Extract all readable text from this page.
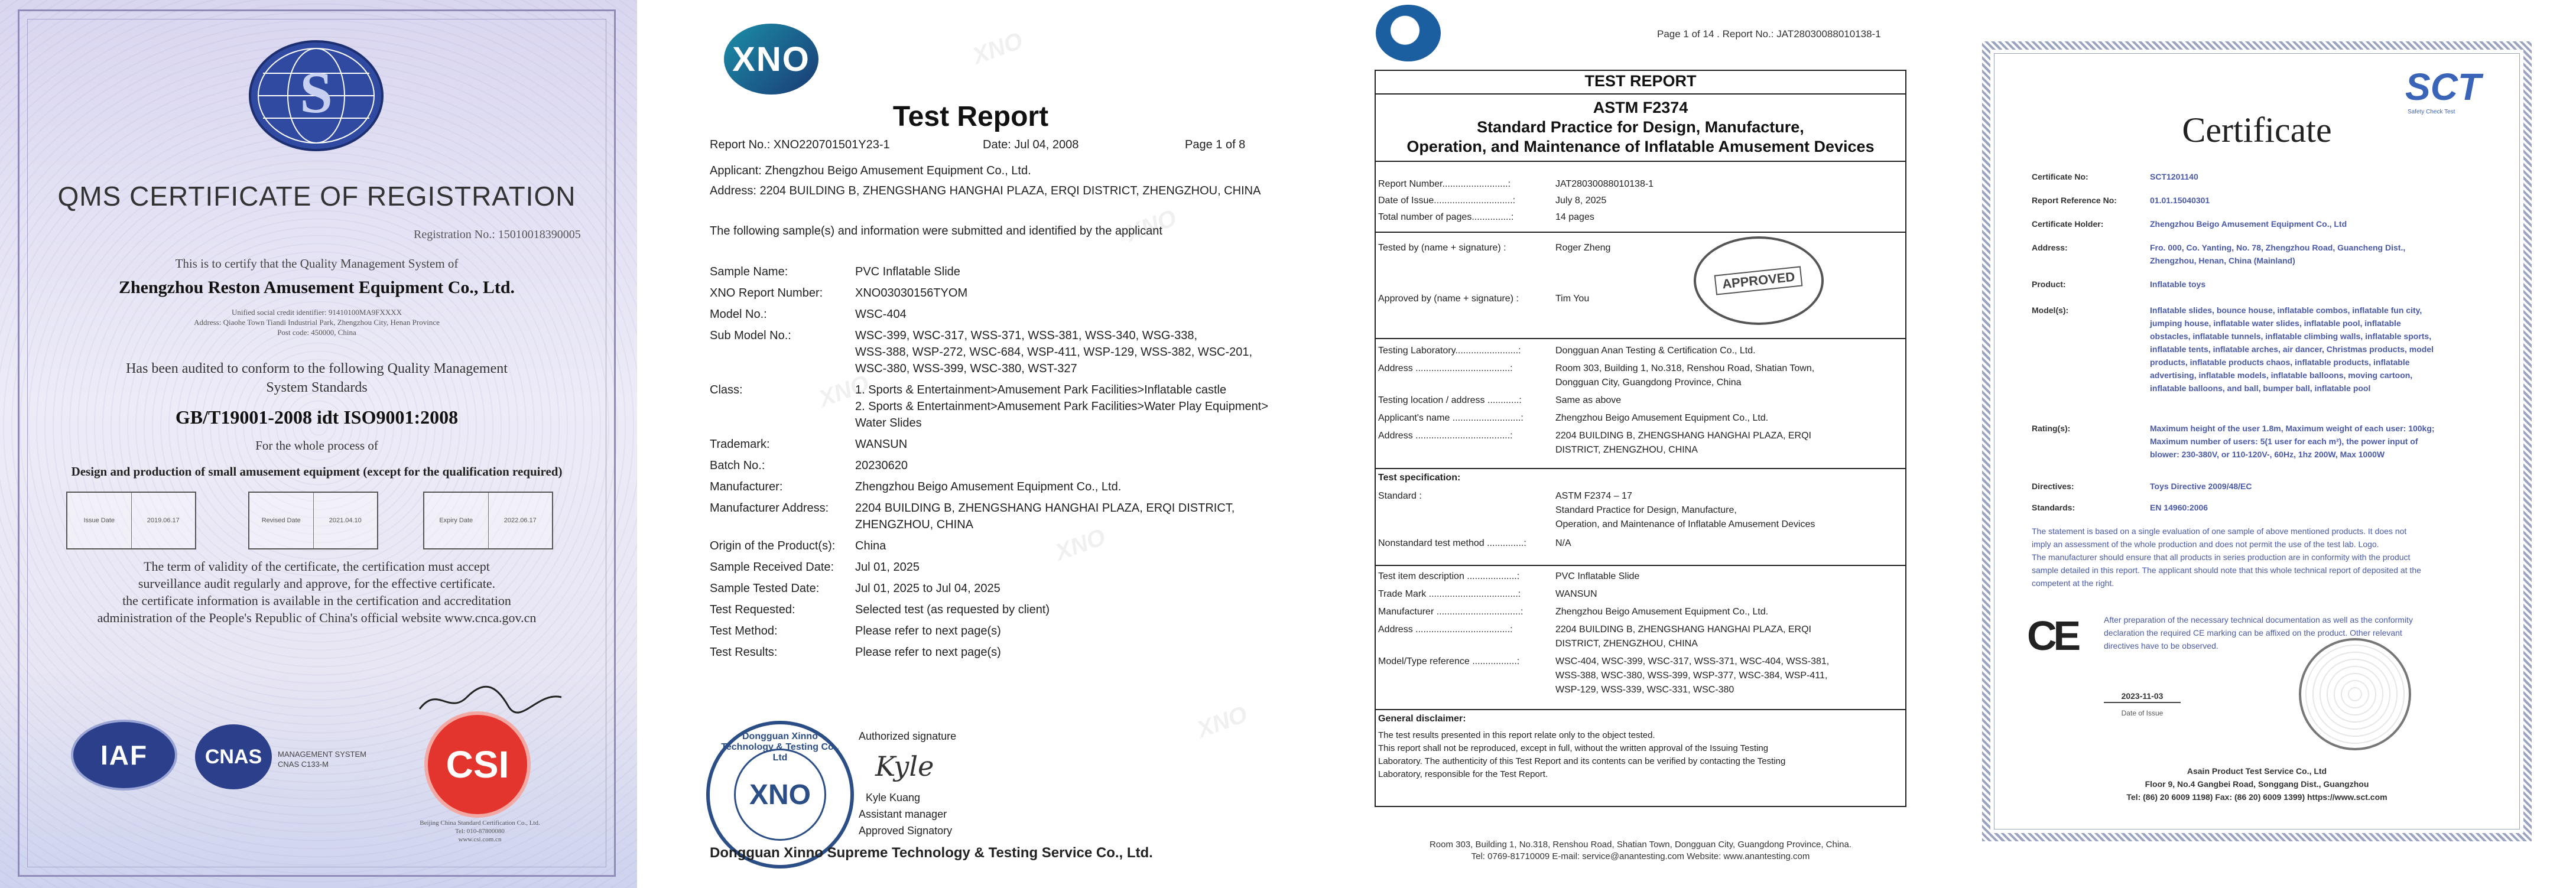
S
QMS CERTIFICATE OF REGISTRATION
Registration No.: 15010018390005
This is to certify that the Quality Management System of
Zhengzhou Reston Amusement Equipment Co., Ltd.
Unified social credit identifier: 91410100MA9FXXXX
Address: Qiaohe Town Tiandi Industrial Park, Zhengzhou City, Henan Province
Post code: 450000, China
Has been audited to conform to the following Quality Management
System Standards
GB/T19001-2008 idt ISO9001:2008
For the whole process of
Design and production of small amusement equipment (except for the qualification required)
Issue Date	2019.06.17	Revised Date	2021.04.10	Expiry Date	2022.06.17
The term of validity of the certificate, the certification must accept
surveillance audit regularly and approve, for the effective certificate.
the certificate information is available in the certification and accreditation
administration of the People's Republic of China's official website www.cnca.gov.cn
IAF	CNAS	MANAGEMENT SYSTEM
CNAS C133-M	CSI
Beijing China Standard Certification Co., Ltd.
Tel: 010-87800080
www.csi.com.cn
XNO
XNO
XNO
XNO
XNO
XNO
Test Report
Report No.: XNO220701501Y23-1	Date: Jul 04, 2008	Page 1 of 8
Applicant: Zhengzhou Beigo Amusement Equipment Co., Ltd.
Address: 2204 BUILDING B, ZHENGSHANG HANGHAI PLAZA, ERQI DISTRICT, ZHENGZHOU, CHINA
The following sample(s) and information were submitted and identified by the applicant
Sample Name:	PVC Inflatable Slide
XNO Report Number:	XNO03030156TYOM
Model No.:	WSC-404
Sub Model No.:	WSC-399, WSC-317, WSS-371, WSS-381, WSS-340, WSG-338,
WSS-388, WSP-272, WSC-684, WSP-411, WSP-129, WSS-382, WSC-201,
WSC-380, WSS-399, WSC-380, WST-327
Class:	1. Sports & Entertainment>Amusement Park Facilities>Inflatable castle
2. Sports & Entertainment>Amusement Park Facilities>Water Play Equipment>
Water Slides
Trademark:	WANSUN
Batch No.:	20230620
Manufacturer:	Zhengzhou Beigo Amusement Equipment Co., Ltd.
Manufacturer Address:	2204 BUILDING B, ZHENGSHANG HANGHAI PLAZA, ERQI DISTRICT,
ZHENGZHOU, CHINA
Origin of the Product(s):	China
Sample Received Date:	Jul 01, 2025
Sample Tested Date:	Jul 01, 2025 to Jul 04, 2025
Test Requested:	Selected test (as requested by client)
Test Method:	Please refer to next page(s)
Test Results:	Please refer to next page(s)
Dongguan Xinno Technology & Testing Co., Ltd
XNO
Authorized signature
Kyle
Kyle Kuang
Assistant manager
Approved Signatory
Dongguan Xinno Supreme Technology & Testing Service Co., Ltd.
Page 1 of 14 . Report No.: JAT28030088010138-1
TEST REPORT
ASTM F2374
Standard Practice for Design, Manufacture,
Operation, and Maintenance of Inflatable Amusement Devices
Report Number.........................:	JAT28030088010138-1
Date of Issue..............................:	July 8, 2025
Total number of pages...............:	14 pages
Tested by (name + signature) :	Roger Zheng
Approved by (name + signature) :	Tim You
APPROVED
Testing Laboratory........................:	Dongguan Anan Testing & Certification Co., Ltd.
Address ....................................:	Room 303, Building 1, No.318, Renshou Road, Shatian Town,
Dongguan City, Guangdong Province, China
Testing location / address ............:	Same as above
Applicant's name ..........................:	Zhengzhou Beigo Amusement Equipment Co., Ltd.
Address ....................................:	2204 BUILDING B, ZHENGSHANG HANGHAI PLAZA, ERQI
DISTRICT, ZHENGZHOU, CHINA
Test specification:
Standard :	ASTM F2374 – 17
Standard Practice for Design, Manufacture,
Operation, and Maintenance of Inflatable Amusement Devices
Nonstandard test method ..............:	N/A
Test item description ...................:	PVC Inflatable Slide
Trade Mark ..................................:	WANSUN
Manufacturer ................................:	Zhengzhou Beigo Amusement Equipment Co., Ltd.
Address ....................................:	2204 BUILDING B, ZHENGSHANG HANGHAI PLAZA, ERQI
DISTRICT, ZHENGZHOU, CHINA
Model/Type reference .................:	WSC-404, WSC-399, WSC-317, WSS-371, WSC-404, WSS-381,
WSS-388, WSC-380, WSS-399, WSP-377, WSC-384, WSP-411,
WSP-129, WSS-339, WSC-331, WSC-380
General disclaimer:
The test results presented in this report relate only to the object tested.
This report shall not be reproduced, except in full, without the written approval of the Issuing Testing
Laboratory. The authenticity of this Test Report and its contents can be verified by contacting the Testing
Laboratory, responsible for the Test Report.
Room 303, Building 1, No.318, Renshou Road, Shatian Town, Dongguan City, Guangdong Province, China.
Tel: 0769-81710009 E-mail: service@anantesting.com Website: www.anantesting.com
SCT
Safety Check Test
Certificate
Certificate No:	SCT1201140
Report Reference No:	01.01.15040301
Certificate Holder:	Zhengzhou Beigo Amusement Equipment Co., Ltd
Address:	Fro. 000, Co. Yanting, No. 78, Zhengzhou Road, Guancheng Dist.,
Zhengzhou, Henan, China (Mainland)
Product:	Inflatable toys
Model(s):	Inflatable slides, bounce house, inflatable combos, inflatable fun city,
jumping house, inflatable water slides, inflatable pool, inflatable
obstacles, inflatable tunnels, inflatable climbing walls, inflatable sports,
inflatable tents, inflatable arches, air dancer, Christmas products, model
products, inflatable products chaos, inflatable products, inflatable
advertising, inflatable models, inflatable balloons, moving cartoon,
inflatable balloons, and ball, bumper ball, inflatable pool
Rating(s):	Maximum height of the user 1.8m, Maximum weight of each user: 100kg;
Maximum number of users: 5(1 user for each m²), the power input of
blower: 230-380V, or 110-120V-, 60Hz, 1hz 200W, Max 1000W
Directives:	Toys Directive 2009/48/EC
Standards:	EN 14960:2006
The statement is based on a single evaluation of one sample of above mentioned products. It does not
imply an assessment of the whole production and does not permit the use of the test lab. Logo.
The manufacturer should ensure that all products in series production are in conformity with the product
sample detailed in this report. The applicant should note that this whole technical report of deposited at the
competent at the right.
CE	After preparation of the necessary technical documentation as well as the conformity
declaration the required CE marking can be affixed on the product. Other relevant
directives have to be observed.
2023-11-03
Date of Issue
Asain Product Test Service Co., Ltd
Floor 9, No.4 Gangbei Road, Songgang Dist., Guangzhou
Tel: (86) 20 6009 1198) Fax: (86 20) 6009 1399) https://www.sct.com
